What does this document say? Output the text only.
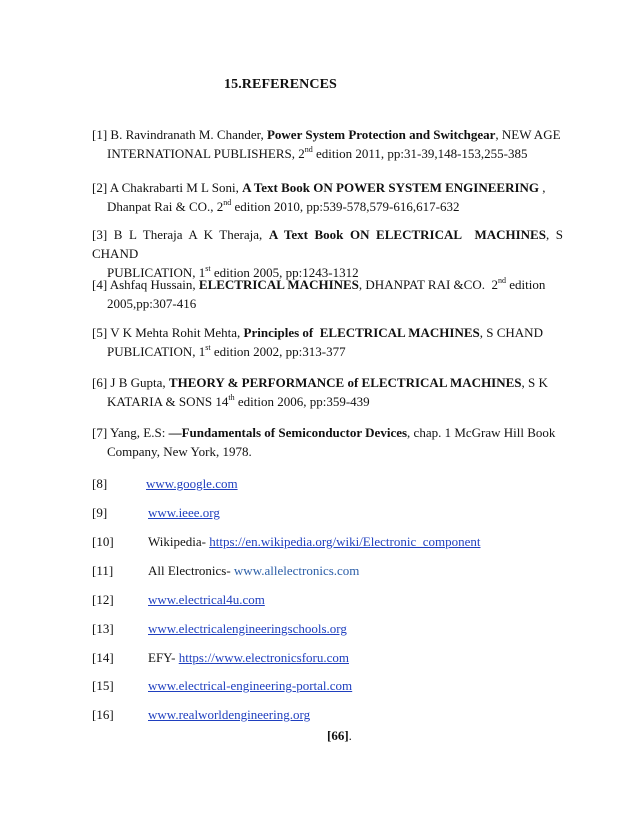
15.REFERENCES
[1] B. Ravindranath M. Chander, Power System Protection and Switchgear, NEW AGE
INTERNATIONAL PUBLISHERS, 2nd edition 2011, pp:31-39,148-153,255-385
[2] A Chakrabarti M L Soni, A Text Book ON POWER SYSTEM ENGINEERING ,
Dhanpat Rai & CO., 2nd edition 2010, pp:539-578,579-616,617-632
[3] B L Theraja A K Theraja, A Text Book ON ELECTRICAL  MACHINES, S CHAND
PUBLICATION, 1st edition 2005, pp:1243-1312
[4] Ashfaq Hussain, ELECTRICAL MACHINES, DHANPAT RAI &CO.  2nd edition
2005,pp:307-416
[5] V K Mehta Rohit Mehta, Principles of  ELECTRICAL MACHINES, S CHAND
PUBLICATION, 1st edition 2002, pp:313-377
[6] J B Gupta, THEORY & PERFORMANCE of ELECTRICAL MACHINES, S K
KATARIA & SONS 14th edition 2006, pp:359-439
[7] Yang, E.S: ―Fundamentals of Semiconductor Devices, chap. 1 McGraw Hill Book
Company, New York, 1978.
[8]	www.google.com
[9]	www.ieee.org
[10]	Wikipedia- https://en.wikipedia.org/wiki/Electronic_component
[11]	All Electronics- www.allelectronics.com
[12]	www.electrical4u.com
[13]	www.electricalengineeringschools.org
[14]	EFY- https://www.electronicsforu.com
[15]	www.electrical-engineering-portal.com
[16]	www.realworldengineering.org
[66].
